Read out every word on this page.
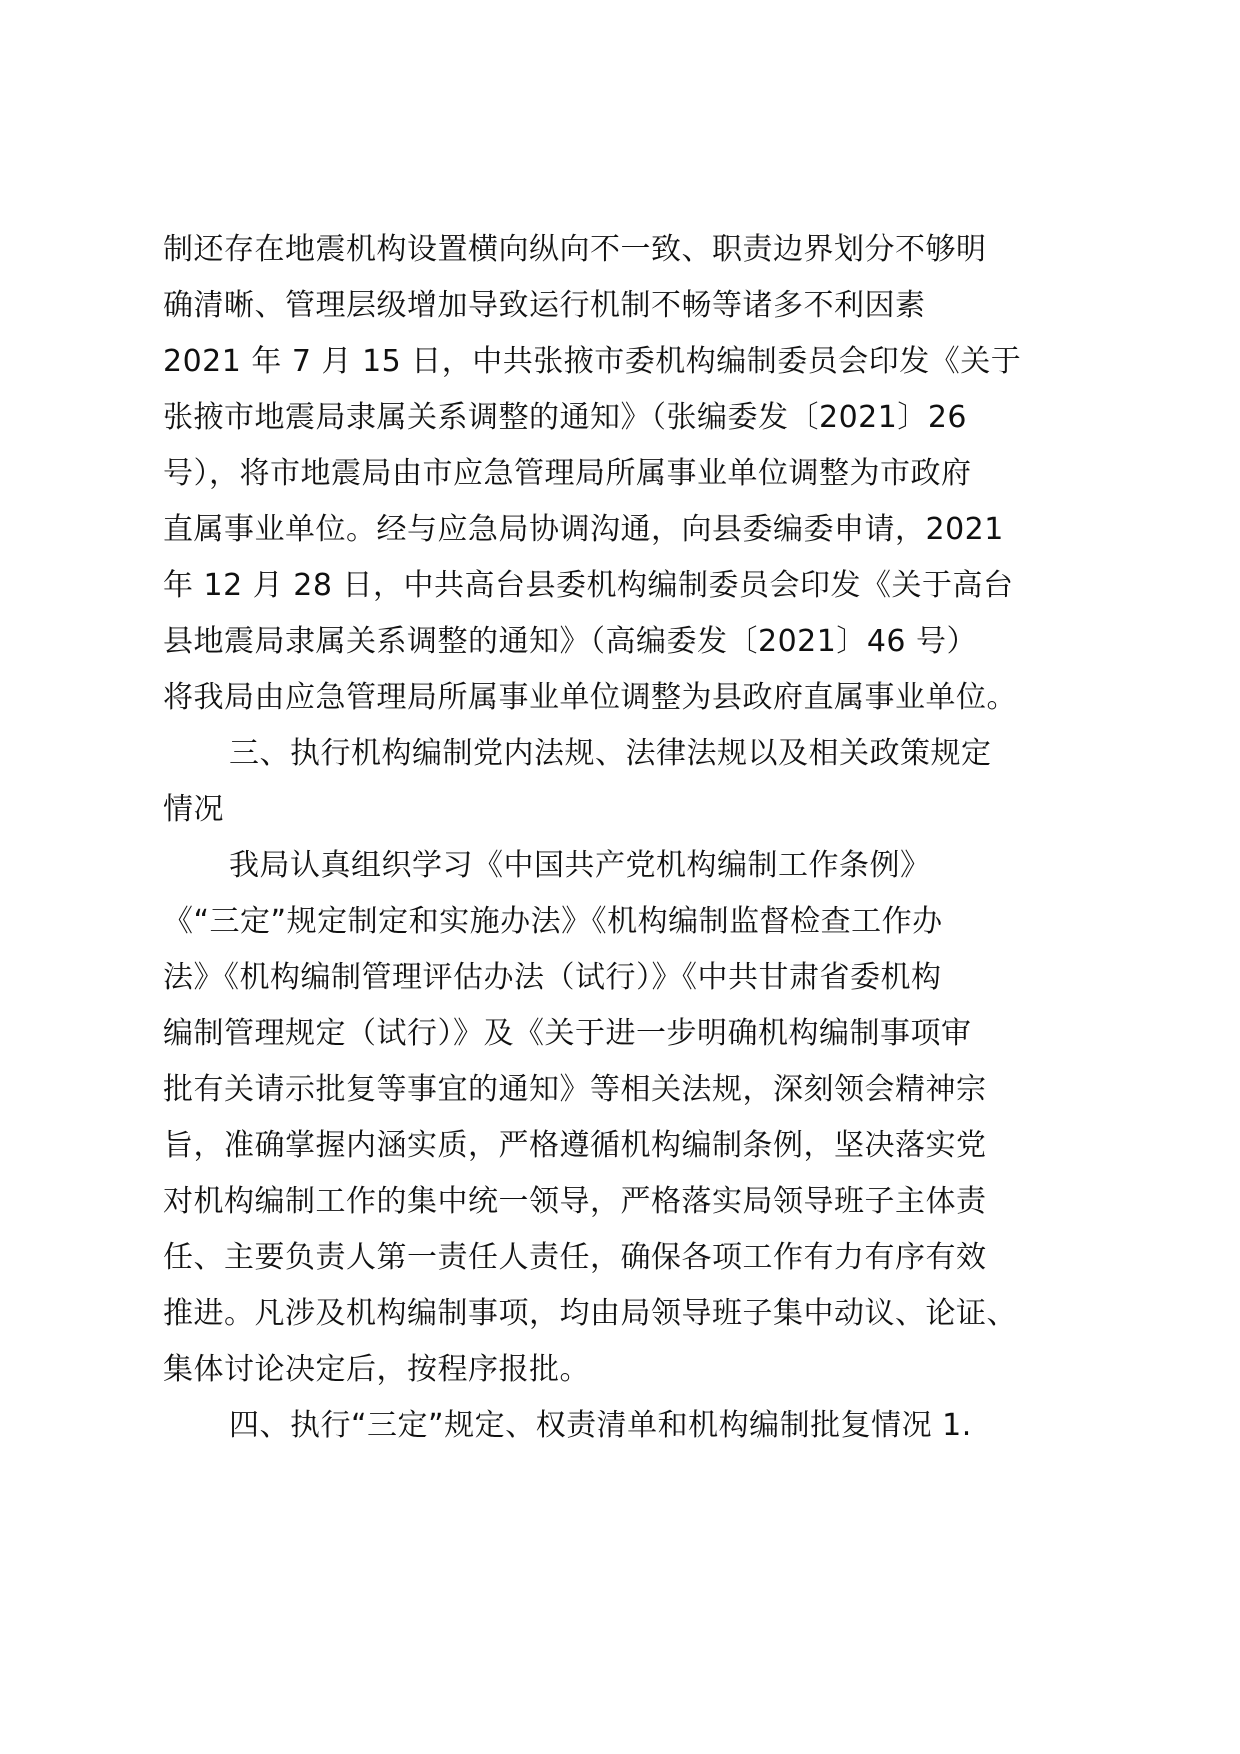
制还存在地震机构设置横向纵向不一致、职责边界划分不够明
确清晰、管理层级增加导致运行机制不畅等诸多不利因素
2021 年 7 月 15 日，中共张掖市委机构编制委员会印发《关于
张掖市地震局隶属关系调整的通知》（张编委发〔2021〕26
号），将市地震局由市应急管理局所属事业单位调整为市政府
直属事业单位。经与应急局协调沟通，向县委编委申请，2021
年 12 月 28 日，中共高台县委机构编制委员会印发《关于高台
县地震局隶属关系调整的通知》（高编委发〔2021〕46 号）
将我局由应急管理局所属事业单位调整为县政府直属事业单位。
三、执行机构编制党内法规、法律法规以及相关政策规定
情况
我局认真组织学习《中国共产党机构编制工作条例》
《“三定”规定制定和实施办法》《机构编制监督检查工作办
法》《机构编制管理评估办法（试行）》《中共甘肃省委机构
编制管理规定（试行）》及《关于进一步明确机构编制事项审
批有关请示批复等事宜的通知》等相关法规，深刻领会精神宗
旨，准确掌握内涵实质，严格遵循机构编制条例，坚决落实党
对机构编制工作的集中统一领导，严格落实局领导班子主体责
任、主要负责人第一责任人责任，确保各项工作有力有序有效
推进。凡涉及机构编制事项，均由局领导班子集中动议、论证、
集体讨论决定后，按程序报批。
四、执行“三定”规定、权责清单和机构编制批复情况 1.
